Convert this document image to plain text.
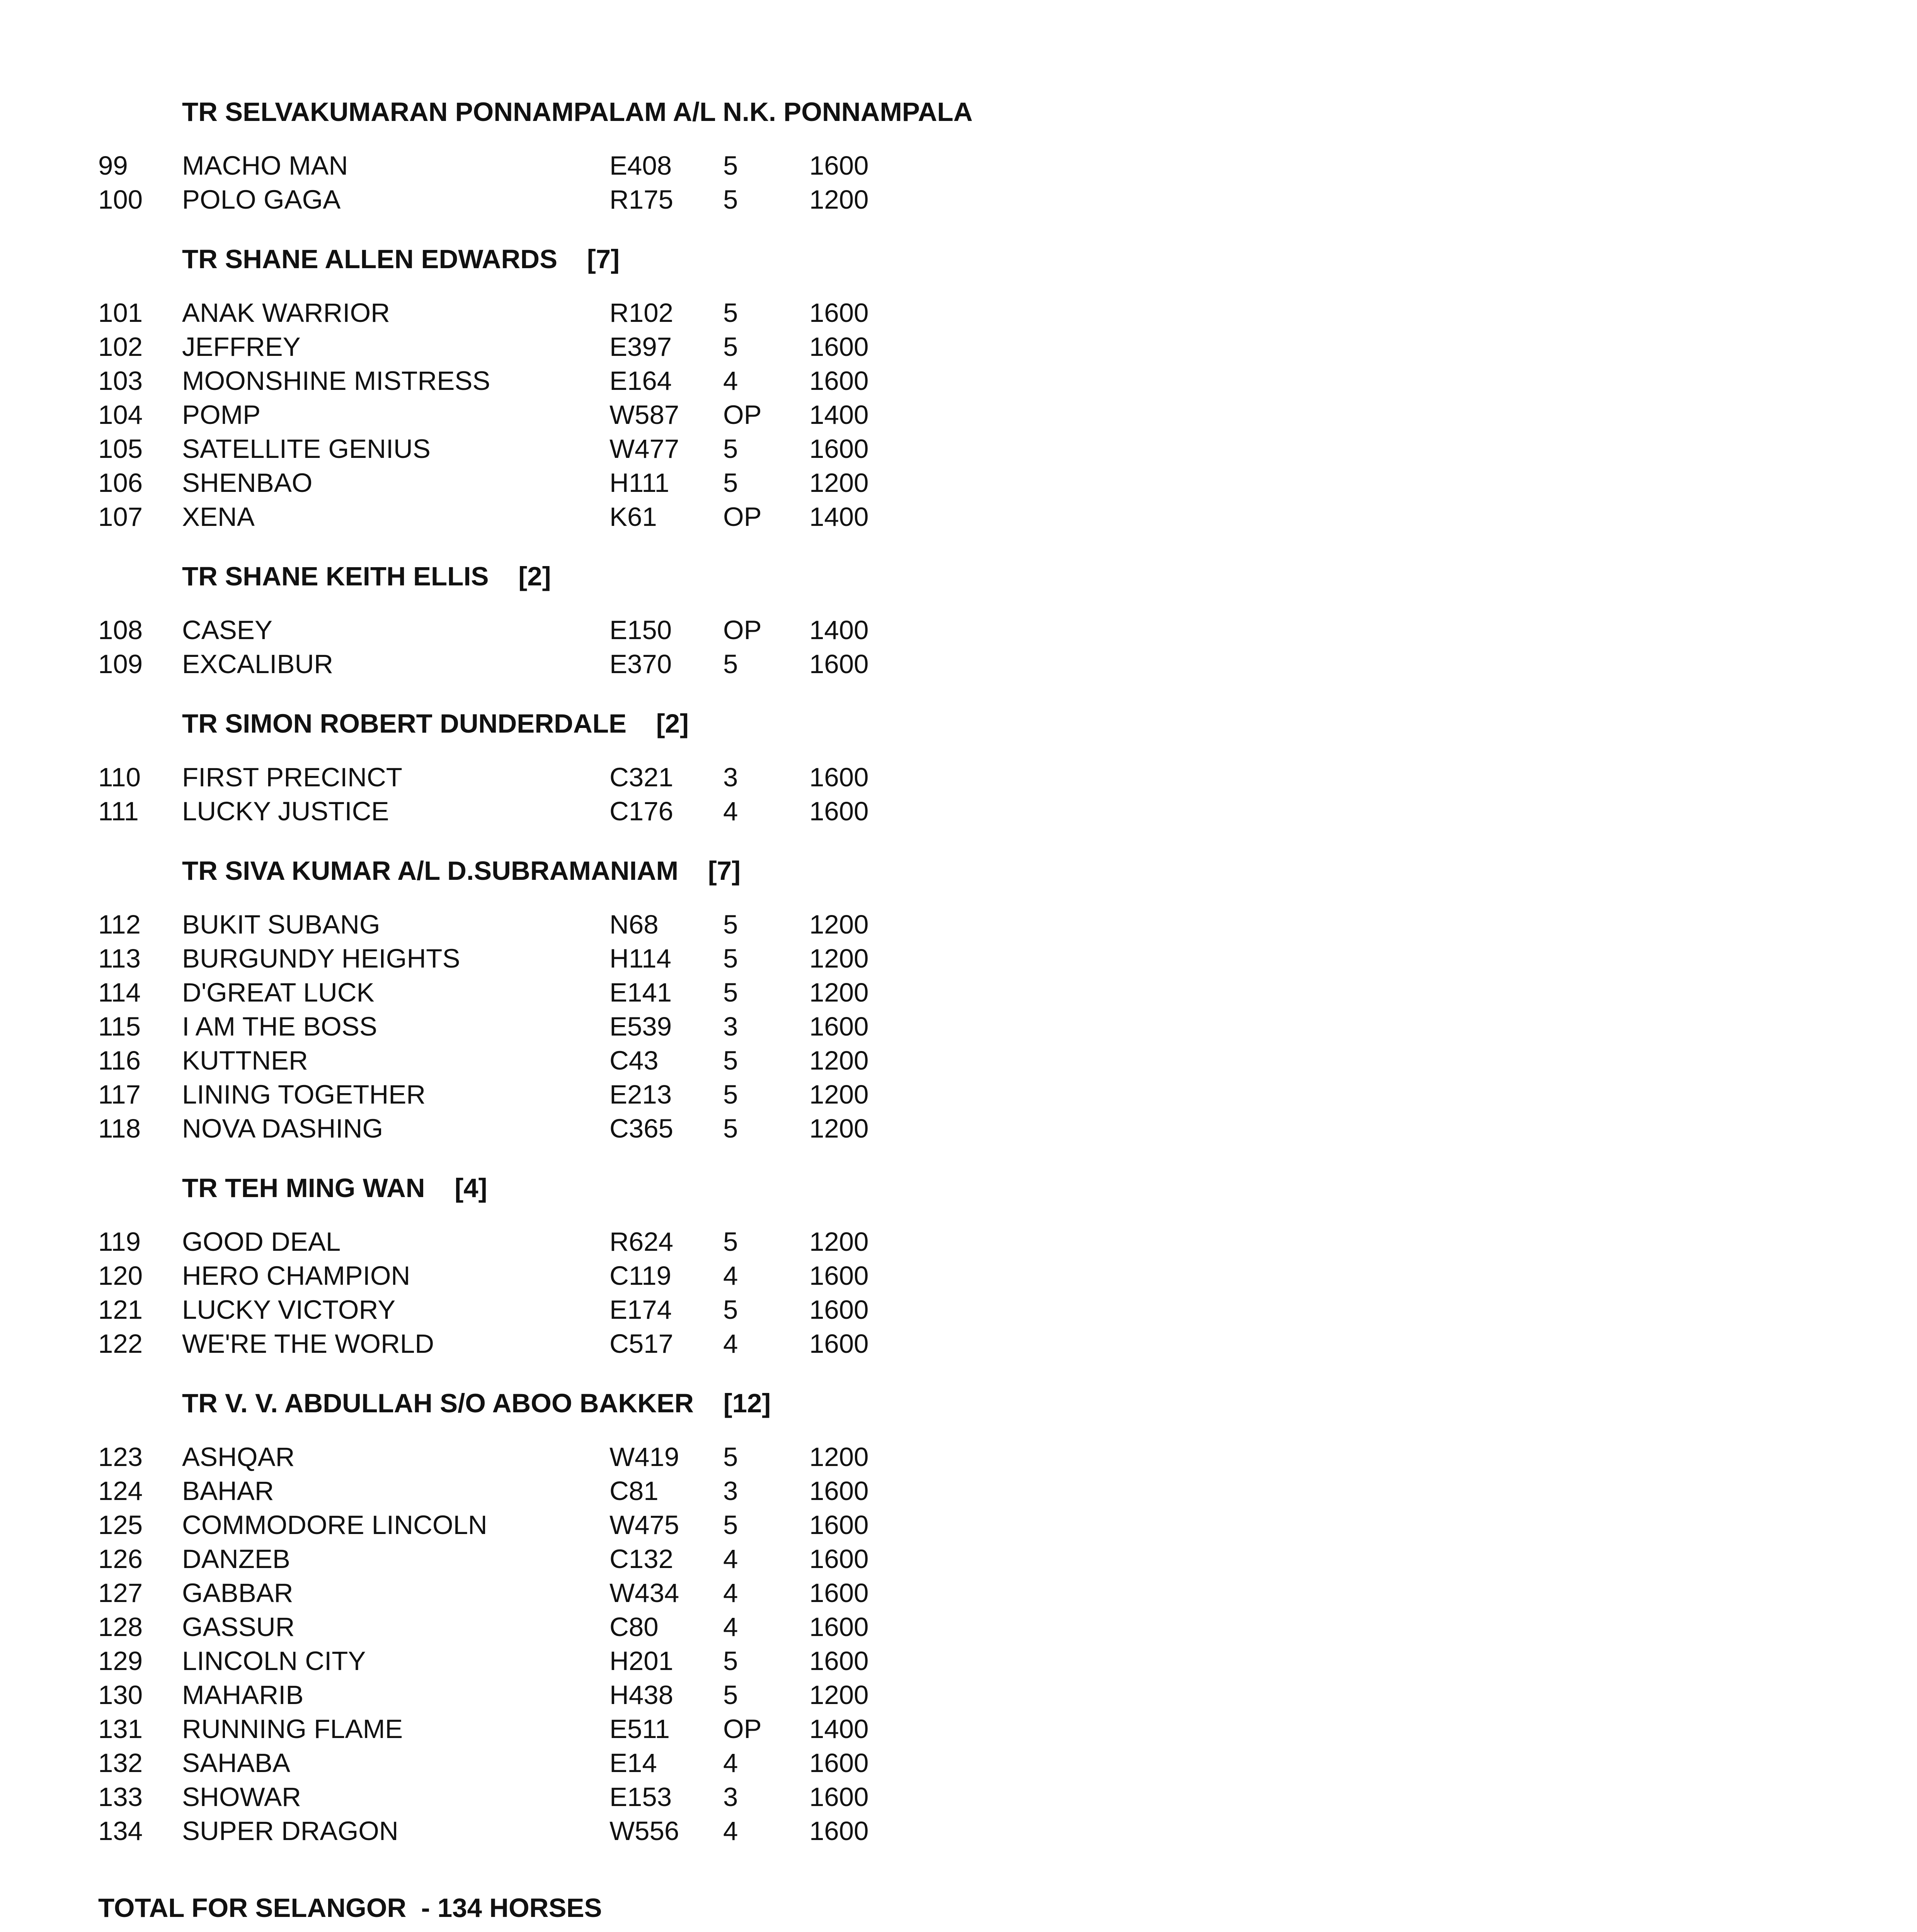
TR SELVAKUMARAN PONNAMPALAM A/L N.K. PONNAMPALA
99 MACHO MAN	E408 5	1600
100 POLO GAGA	R175 5	1200
TR SHANE ALLEN EDWARDS    [7]
101 ANAK WARRIOR	R102 5	1600
102 JEFFREY	E397 5	1600
103 MOONSHINE MISTRESS	E164 4	1600
104 POMP	W587 OP 1400
105 SATELLITE GENIUS	W477 5	1600
106 SHENBAO	H111 5	1200
107 XENA	K61 OP 1400
TR SHANE KEITH ELLIS    [2]
108 CASEY	E150 OP 1400
109 EXCALIBUR	E370 5	1600
TR SIMON ROBERT DUNDERDALE    [2]
110 FIRST PRECINCT	C321 3	1600
111 LUCKY JUSTICE	C176 4	1600
TR SIVA KUMAR A/L D.SUBRAMANIAM    [7]
112 BUKIT SUBANG	N68 5	1200
113 BURGUNDY HEIGHTS	H114 5	1200
114 D'GREAT LUCK	E141 5	1200
115 I AM THE BOSS	E539 3	1600
116 KUTTNER	C43 5	1200
117 LINING TOGETHER	E213 5	1200
118 NOVA DASHING	C365 5	1200
TR TEH MING WAN    [4]
119 GOOD DEAL	R624 5	1200
120 HERO CHAMPION	C119 4	1600
121 LUCKY VICTORY	E174 5	1600
122 WE'RE THE WORLD	C517 4	1600
TR V. V. ABDULLAH S/O ABOO BAKKER    [12]
123 ASHQAR	W419 5	1200
124 BAHAR	C81 3	1600
125 COMMODORE LINCOLN	W475 5	1600
126 DANZEB	C132 4	1600
127 GABBAR	W434 4	1600
128 GASSUR	C80 4	1600
129 LINCOLN CITY	H201 5	1600
130 MAHARIB	H438 5	1200
131 RUNNING FLAME	E511 OP 1400
132 SAHABA	E14 4	1600
133 SHOWAR	E153 3	1600
134 SUPER DRAGON	W556 4	1600
TOTAL FOR SELANGOR  - 134 HORSES
